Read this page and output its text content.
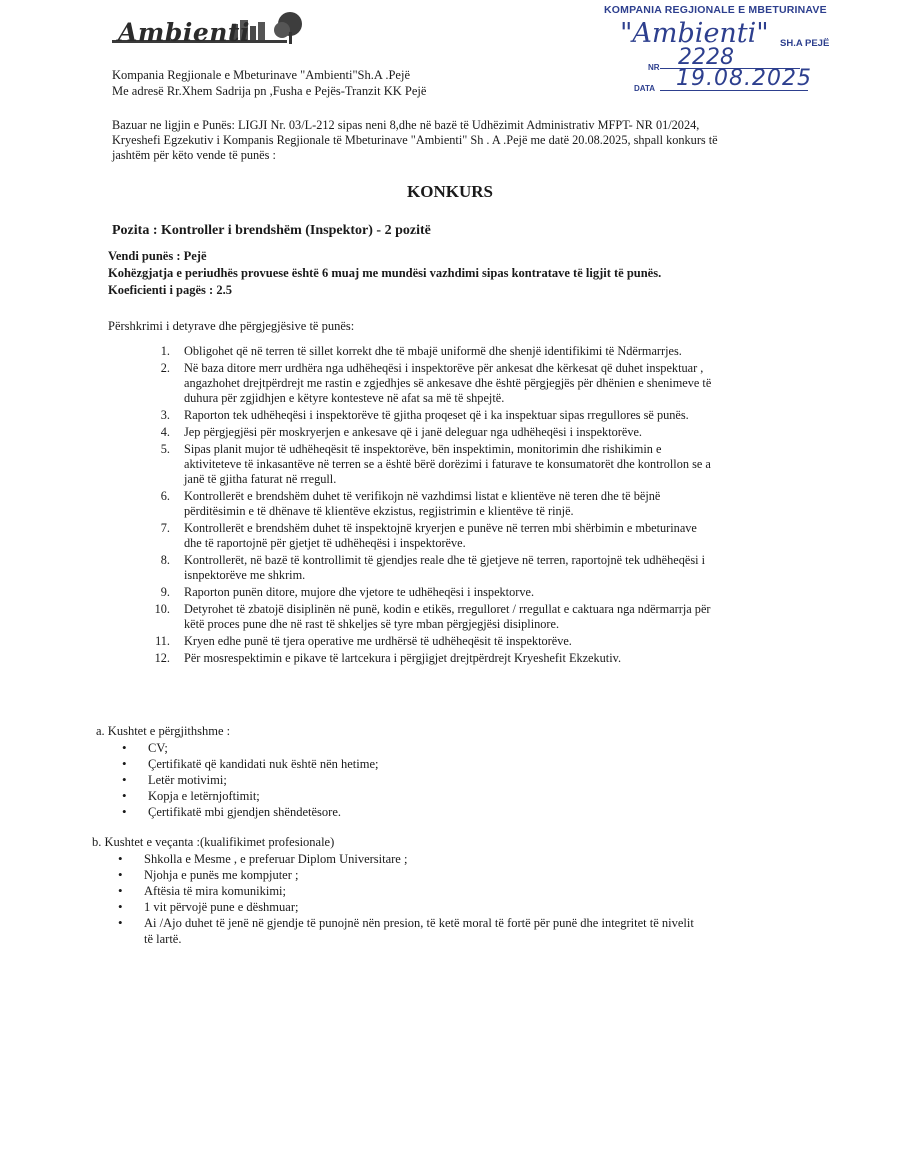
Ambienti
KOMPANIA REGJIONALE E MBETURINAVE
"Ambienti" SH.A PEJË
NR 2228
DATA 19.08.2025
Kompania Regjionale e Mbeturinave "Ambienti"Sh.A .Pejë
Me adresë Rr.Xhem Sadrija pn ,Fusha e Pejës-Tranzit KK Pejë
Bazuar ne ligjin e Punës: LIGJI Nr. 03/L-212 sipas neni 8,dhe në bazë të Udhëzimit Administrativ MFPT- NR 01/2024,
Kryeshefi Egzekutiv i Kompanis Regjionale të Mbeturinave "Ambienti" Sh . A .Pejë me datë 20.08.2025, shpall konkurs të
jashtëm për këto vende të punës :
KONKURS
Pozita : Kontroller i brendshëm (Inspektor) - 2 pozitë
Vendi punës : Pejë
Kohëzgjatja e periudhës provuese është 6 muaj me mundësi vazhdimi sipas kontratave të ligjit të punës.
Koeficienti i pagës : 2.5
Përshkrimi i detyrave dhe përgjegjësive të punës:
1. Obligohet që në terren të sillet korrekt dhe të mbajë uniformë dhe shenjë identifikimi të Ndërmarrjes.
2. Në baza ditore merr urdhëra nga udhëheqësi i inspektorëve për ankesat dhe kërkesat që duhet inspektuar ,
angazhohet drejtpërdrejt me rastin e zgjedhjes së ankesave dhe është përgjegjës për dhënien e shenimeve të
duhura për zgjidhjen e këtyre kontesteve në afat sa më të shpejtë.
3. Raporton tek udhëheqësi i inspektorëve të gjitha proqeset që i ka inspektuar sipas rregullores së punës.
4. Jep përgjegjësi për moskryerjen e ankesave që i janë deleguar nga udhëheqësi i inspektorëve.
5. Sipas planit mujor të udhëheqësit të inspektorëve, bën inspektimin, monitorimin dhe rishikimin e
aktiviteteve të inkasantëve në terren se a është bërë dorëzimi i faturave te konsumatorët dhe kontrollon se a
janë të gjitha faturat në rregull.
6. Kontrollerët e brendshëm duhet të verifikojn në vazhdimsi listat e klientëve në teren dhe të bëjnë
përditësimin e të dhënave të klientëve ekzistus, regjistrimin e klientëve të rinjë.
7. Kontrollerët e brendshëm duhet të inspektojnë kryerjen e punëve në terren mbi shërbimin e mbeturinave
dhe të raportojnë për gjetjet të udhëheqësi i inspektorëve.
8. Kontrollerët, në bazë të kontrollimit të gjendjes reale dhe të gjetjeve në terren, raportojnë tek udhëheqësi i
isnpektorëve me shkrim.
9. Raporton punën ditore, mujore dhe vjetore te udhëheqësi i inspektorve.
10. Detyrohet të zbatojë disiplinën në punë, kodin e etikës, rregulloret / rregullat e caktuara nga ndërmarrja për
këtë proces pune dhe në rast të shkeljes së tyre mban përgjegjësi disiplinore.
11. Kryen edhe punë të tjera operative me urdhërsë të udhëheqësit të inspektorëve.
12. Për mosrespektimin e pikave të lartcekura i përgjigjet drejtpërdrejt Kryeshefit Ekzekutiv.
a. Kushtet e përgjithshme :
• CV;
• Çertifikatë që kandidati nuk është nën hetime;
• Letër motivimi;
• Kopja e letërnjoftimit;
• Çertifikatë mbi gjendjen shëndetësore.
b. Kushtet e veçanta :(kualifikimet profesionale)
• Shkolla e Mesme , e preferuar Diplom Universitare ;
• Njohja e punës me kompjuter ;
• Aftësia të mira komunikimi;
• 1 vit përvojë pune e dëshmuar;
• Ai /Ajo duhet të jenë në gjendje të punojnë nën presion, të ketë moral të fortë për punë dhe integritet të nivelit
të lartë.
